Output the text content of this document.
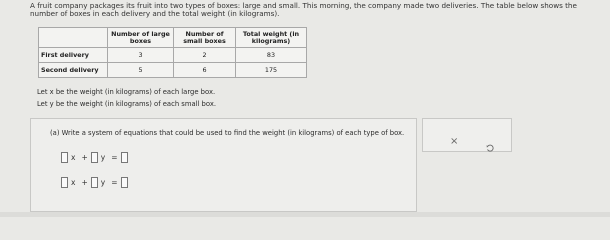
A fruit company packages its fruit into two types of boxes: large and small. This morning, the company made two deliveries. The table below shows the number of boxes in each delivery and the total weight (in kilograms).
	Number of large boxes	Number of small boxes	Total weight (in kilograms)
First delivery	3	2	83
Second delivery	5	6	175
Let x be the weight (in kilograms) of each large box.
Let y be the weight (in kilograms) of each small box.
(a) Write a system of equations that could be used to find the weight (in kilograms) of each type of box.
x + y =
x + y =
×
